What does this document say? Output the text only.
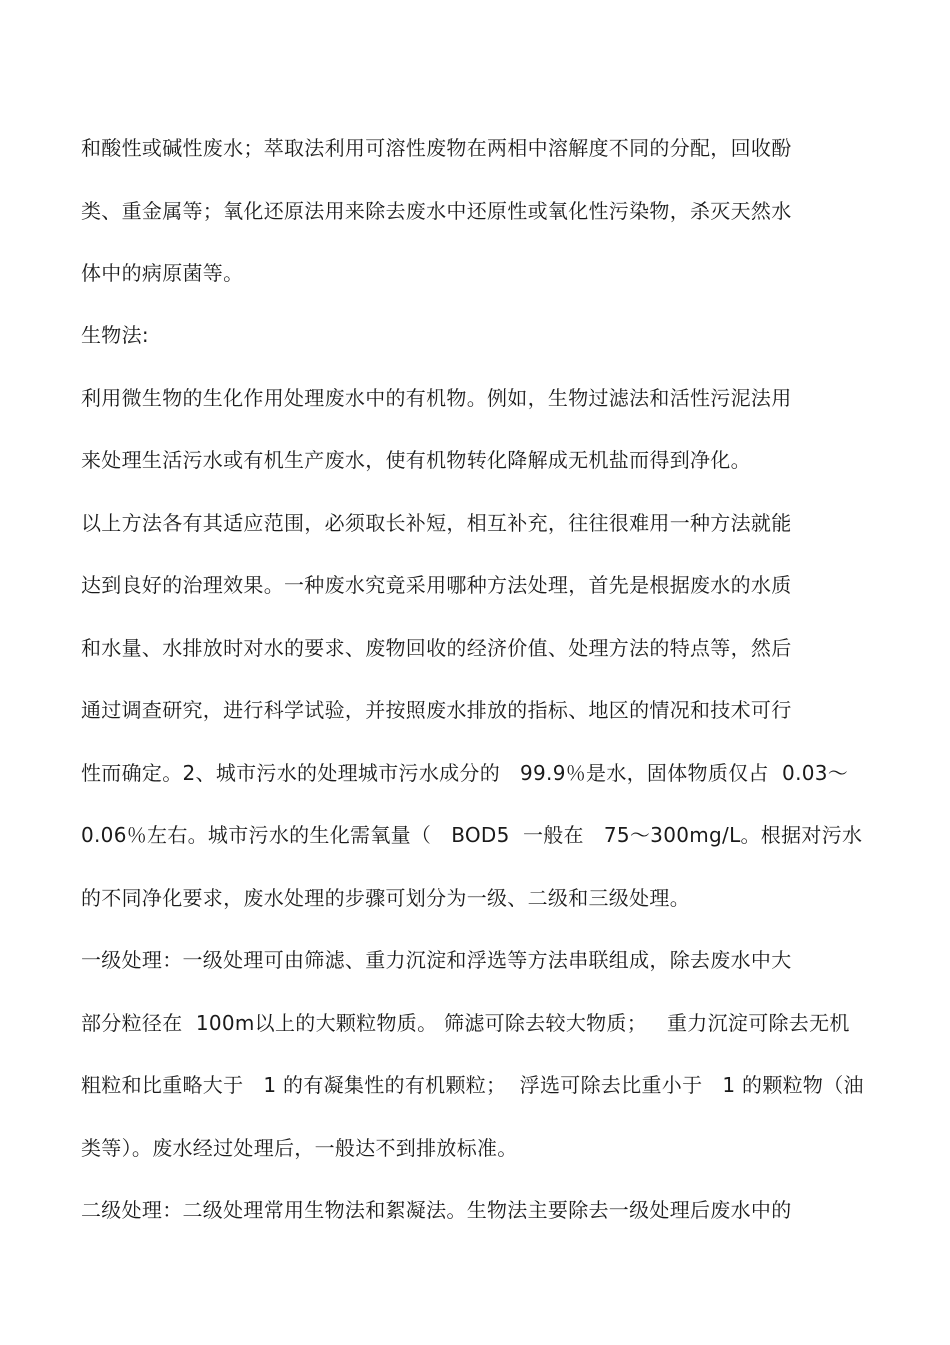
和酸性或碱性废水；萃取法利用可溶性废物在两相中溶解度不同的分配，回收酚
类、重金属等；氧化还原法用来除去废水中还原性或氧化性污染物，杀灭天然水
体中的病原菌等。
生物法:
利用微生物的生化作用处理废水中的有机物。例如，生物过滤法和活性污泥法用
来处理生活污水或有机生产废水，使有机物转化降解成无机盐而得到净化。
以上方法各有其适应范围，必须取长补短，相互补充，往往很难用一种方法就能
达到良好的治理效果。一种废水究竟采用哪种方法处理，首先是根据废水的水质
和水量、水排放时对水的要求、废物回收的经济价值、处理方法的特点等，然后
通过调查研究，进行科学试验，并按照废水排放的指标、地区的情况和技术可行
性而确定。2、城市污水的处理城市污水成分的   99.9％是水，固体物质仅占  0.03～
0.06％左右。城市污水的生化需氧量（   BOD5  一般在   75～300mg/L。根据对污水
的不同净化要求，废水处理的步骤可划分为一级、二级和三级处理。
一级处理：一级处理可由筛滤、重力沉淀和浮选等方法串联组成，除去废水中大
部分粒径在  100m以上的大颗粒物质。 筛滤可除去较大物质；   重力沉淀可除去无机
粗粒和比重略大于   1 的有凝集性的有机颗粒；  浮选可除去比重小于   1 的颗粒物（油
类等）。废水经过处理后，一般达不到排放标准。
二级处理：二级处理常用生物法和絮凝法。生物法主要除去一级处理后废水中的
